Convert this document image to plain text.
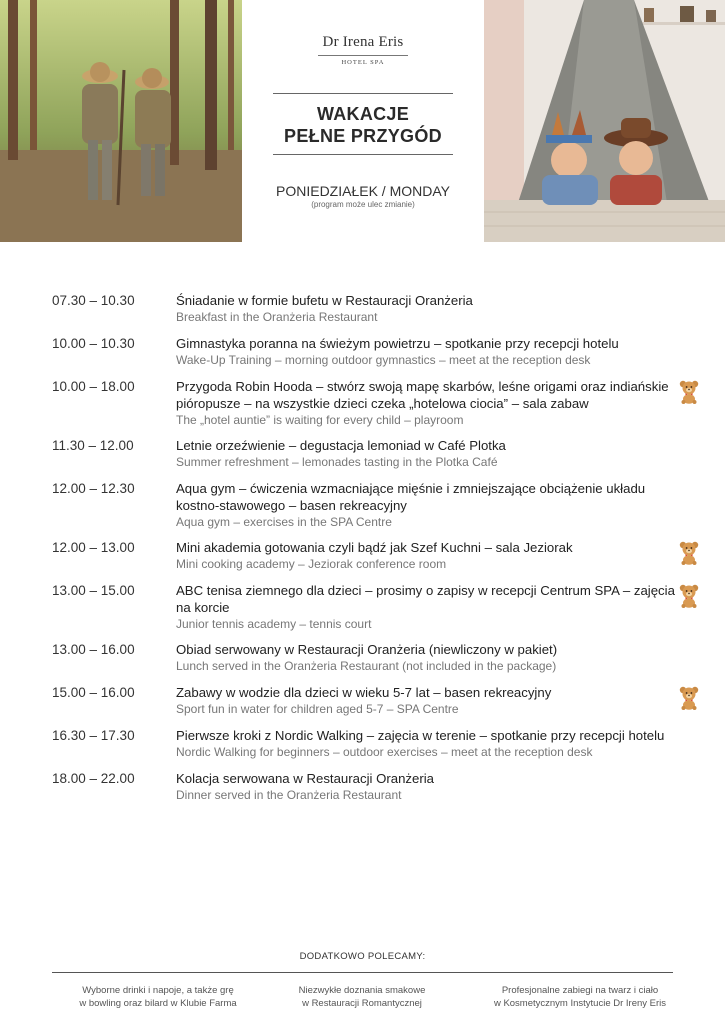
Dr Irena Eris
HOTEL SPA
WAKACJE
PEŁNE PRZYGÓD
PONIEDZIAŁEK / MONDAY
(program może ulec zmianie)
07.30 – 10.30	Śniadanie w formie bufetu w Restauracji Oranżeria
Breakfast in the Oranżeria Restaurant
10.00 – 10.30	Gimnastyka poranna na świeżym powietrzu – spotkanie przy recepcji hotelu
Wake-Up Training – morning outdoor gymnastics – meet at the reception desk
10.00 – 18.00	Przygoda Robin Hooda – stwórz swoją mapę skarbów, leśne origami oraz indiańskie pióropusze – na wszystkie dzieci czeka „hotelowa ciocia” – sala zabaw
The „hotel auntie” is waiting for every child – playroom
11.30 – 12.00	Letnie orzeźwienie – degustacja lemoniad w Café Plotka
Summer refreshment – lemonades tasting in the Plotka Café
12.00 – 12.30	Aqua gym – ćwiczenia wzmacniające mięśnie i zmniejszające obciążenie układu kostno-stawowego – basen rekreacyjny
Aqua gym – exercises in the SPA Centre
12.00 – 13.00	Mini akademia gotowania czyli bądź jak Szef Kuchni – sala Jeziorak
Mini cooking academy – Jeziorak conference room
13.00 – 15.00	ABC tenisa ziemnego dla dzieci – prosimy o zapisy w recepcji Centrum SPA – zajęcia na korcie
Junior tennis academy – tennis court
13.00 – 16.00	Obiad serwowany w Restauracji Oranżeria (niewliczony w pakiet)
Lunch served in the Oranżeria Restaurant (not included in the package)
15.00 – 16.00	Zabawy w wodzie dla dzieci w wieku 5-7 lat – basen rekreacyjny
Sport fun in water for children aged 5-7 – SPA Centre
16.30 – 17.30	Pierwsze kroki z Nordic Walking – zajęcia w terenie – spotkanie przy recepcji hotelu
Nordic Walking for beginners – outdoor exercises – meet at the reception desk
18.00 – 22.00	Kolacja serwowana w Restauracji Oranżeria
Dinner served in the Oranżeria Restaurant
DODATKOWO POLECAMY:
Wyborne drinki i napoje, a także grę
w bowling oraz bilard w Klubie Farma
Niezwykłe doznania smakowe
w Restauracji Romantycznej
Profesjonalne zabiegi na twarz i ciało
w Kosmetycznym Instytucie Dr Ireny Eris
